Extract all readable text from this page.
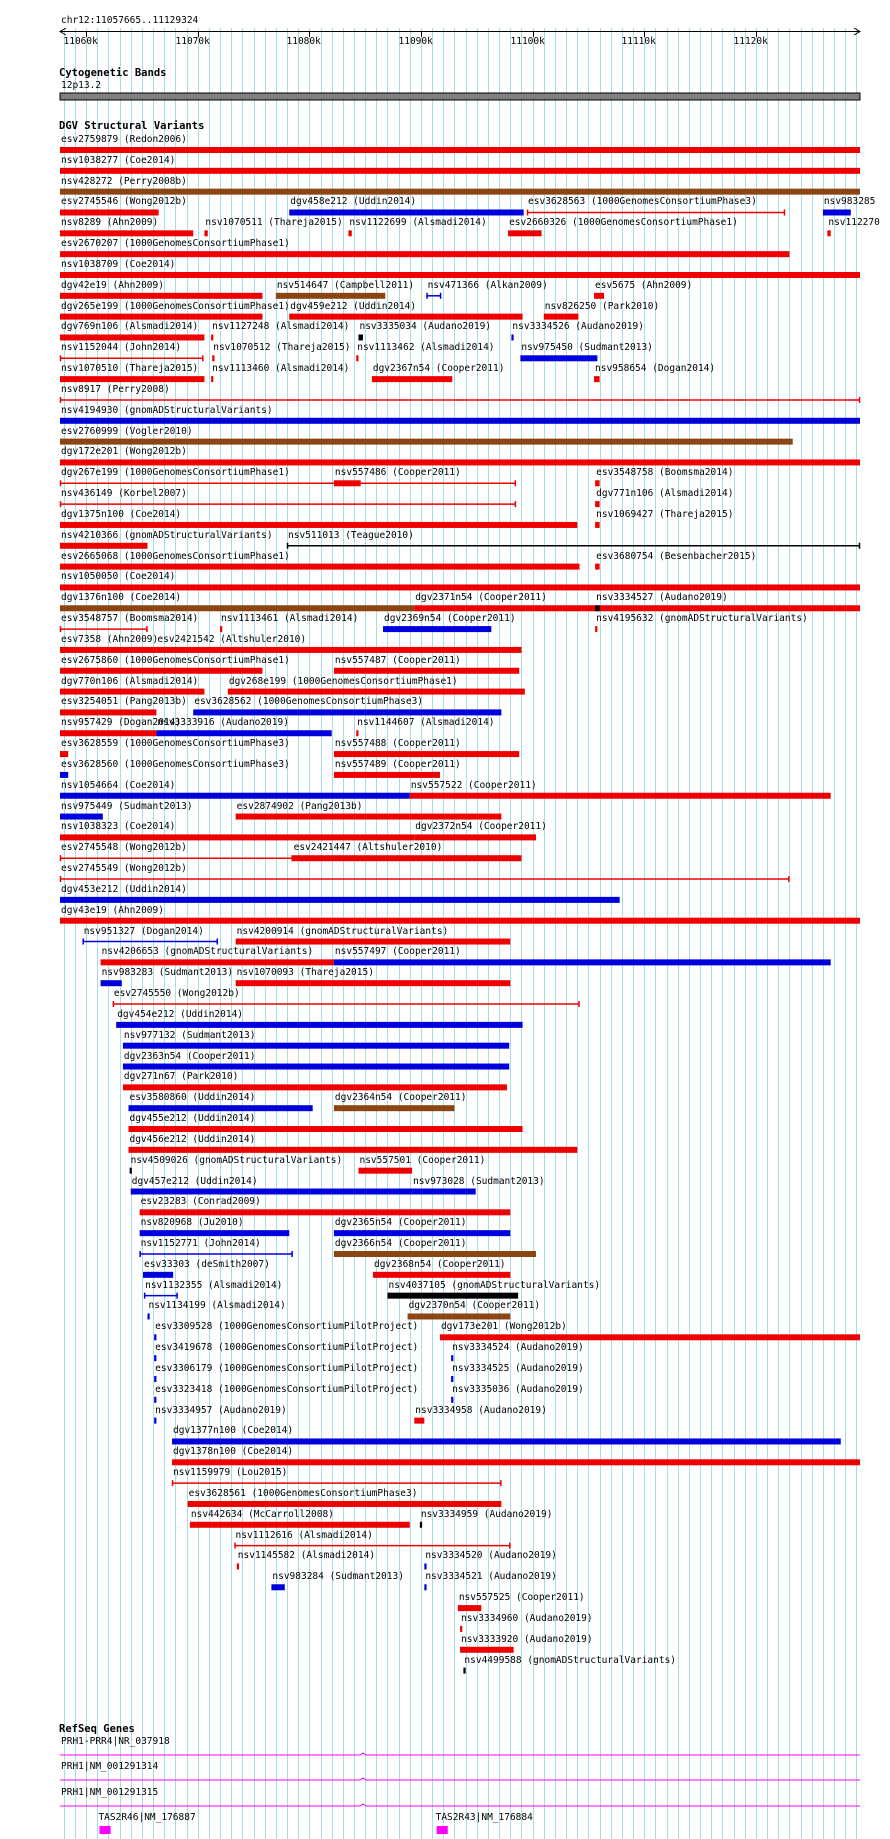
chr12:11057665..11129324
Cytogenetic Bands
12p13.2
DGV Structural Variants
RefSeq Genes
PRH1-PRR4|NR_037918
PRH1|NM_001291314
PRH1|NM_001291315
11060k	11070k	11080k	11090k	11100k	11110k	11120k
esv2759879 (Redon2006)
nsv1038277 (Coe2014)
nsv428272 (Perry2008b)
esv2745546 (Wong2012b)	dgv458e212 (Uddin2014)	esv3628563 (1000GenomesConsortiumPhase3)	nsv983285
nsv8289 (Ahn2009)	nsv1070511 (Thareja2015) nsv1122699 (Alsmadi2014) esv2660326 (1000GenomesConsortiumPhase1)	nsv112270
esv2670207 (1000GenomesConsortiumPhase1)
nsv1038709 (Coe2014)
dgv42e19 (Ahn2009)	nsv514647 (Campbell2011) nsv471366 (Alkan2009)	esv5675 (Ahn2009)
dgv265e199 (1000GenomesConsortiumPhase1) dgv459e212 (Uddin2014)	nsv826250 (Park2010)
dgv769n106 (Alsmadi2014) nsv1127248 (Alsmadi2014) nsv3335034 (Audano2019) nsv3334526 (Audano2019)
nsv1152044 (John2014)	nsv1070512 (Thareja2015) nsv1113462 (Alsmadi2014)	nsv975450 (Sudmant2013)
nsv1070510 (Thareja2015) nsv1113460 (Alsmadi2014) dgv2367n54 (Cooper2011)	nsv958654 (Dogan2014)
nsv8917 (Perry2008)
nsv4194930 (gnomADStructuralVariants)
esv2760999 (Vogler2010)
dgv172e201 (Wong2012b)
dgv267e199 (1000GenomesConsortiumPhase1)	nsv557486 (Cooper2011)	esv3548758 (Boomsma2014)
nsv436149 (Korbel2007)	dgv771n106 (Alsmadi2014)
dgv1375n100 (Coe2014)	nsv1069427 (Thareja2015)
nsv4210366 (gnomADStructuralVariants) nsv511013 (Teague2010)
esv2665068 (1000GenomesConsortiumPhase1)	esv3680754 (Besenbacher2015)
nsv1050050 (Coe2014)
dgv1376n100 (Coe2014)	dgv2371n54 (Cooper2011)	nsv3334527 (Audano2019)
esv3548757 (Boomsma2014) nsv1113461 (Alsmadi2014)	dgv2369n54 (Cooper2011)	nsv4195632 (gnomADStructuralVariants)
esv7358 (Ahn2009) esv2421542 (Altshuler2010)
esv2675860 (1000GenomesConsortiumPhase1)	nsv557487 (Cooper2011)
dgv770n106 (Alsmadi2014)	dgv268e199 (1000GenomesConsortiumPhase1)
esv3254051 (Pang2013b) esv3628562 (1000GenomesConsortiumPhase3)
nsv957429 (Dogan2014)
nsv3333916 (Audano2019)	nsv1144607 (Alsmadi2014)
esv3628559 (1000GenomesConsortiumPhase3)	nsv557488 (Cooper2011)
esv3628560 (1000GenomesConsortiumPhase3)	nsv557489 (Cooper2011)
nsv1054664 (Coe2014)	nsv557522 (Cooper2011)
nsv975449 (Sudmant2013)	esv2874902 (Pang2013b)
nsv1038323 (Coe2014)	dgv2372n54 (Cooper2011)
esv2745548 (Wong2012b)	esv2421447 (Altshuler2010)
esv2745549 (Wong2012b)
dgv453e212 (Uddin2014)
dgv43e19 (Ahn2009)
nsv951327 (Dogan2014)	nsv4200914 (gnomADStructuralVariants)
nsv4206653 (gnomADStructuralVariants) nsv557497 (Cooper2011)
nsv983283 (Sudmant2013) nsv1070093 (Thareja2015)
esv2745550 (Wong2012b)
dgv454e212 (Uddin2014)
nsv977132 (Sudmant2013)
dgv2363n54 (Cooper2011)
dgv271n67 (Park2010)
esv3580860 (Uddin2014)	dgv2364n54 (Cooper2011)
dgv455e212 (Uddin2014)
dgv456e212 (Uddin2014)
nsv4509026 (gnomADStructuralVariants) nsv557501 (Cooper2011)
dgv457e212 (Uddin2014)	nsv973028 (Sudmant2013)
esv23283 (Conrad2009)
nsv820968 (Ju2010)	dgv2365n54 (Cooper2011)
nsv1152771 (John2014)	dgv2366n54 (Cooper2011)
esv33303 (deSmith2007)	dgv2368n54 (Cooper2011)
nsv1132355 (Alsmadi2014)	nsv4037105 (gnomADStructuralVariants)
nsv1134199 (Alsmadi2014)	dgv2370n54 (Cooper2011)
esv3309528 (1000GenomesConsortiumPilotProject) dgv173e201 (Wong2012b)
esv3419678 (1000GenomesConsortiumPilotProject)	nsv3334524 (Audano2019)
esv3306179 (1000GenomesConsortiumPilotProject)	nsv3334525 (Audano2019)
esv3323418 (1000GenomesConsortiumPilotProject)	nsv3335036 (Audano2019)
nsv3334957 (Audano2019)	nsv3334958 (Audano2019)
dgv1377n100 (Coe2014)
dgv1378n100 (Coe2014)
nsv1159979 (Lou2015)
esv3628561 (1000GenomesConsortiumPhase3)
nsv442634 (McCarroll2008)	nsv3334959 (Audano2019)
nsv1112616 (Alsmadi2014)
nsv1145582 (Alsmadi2014)	nsv3334520 (Audano2019)
nsv983284 (Sudmant2013) nsv3334521 (Audano2019)
nsv557525 (Cooper2011)
nsv3334960 (Audano2019)
nsv3333920 (Audano2019)
nsv4499588 (gnomADStructuralVariants)
TAS2R46|NM_176887	TAS2R43|NM_176884
